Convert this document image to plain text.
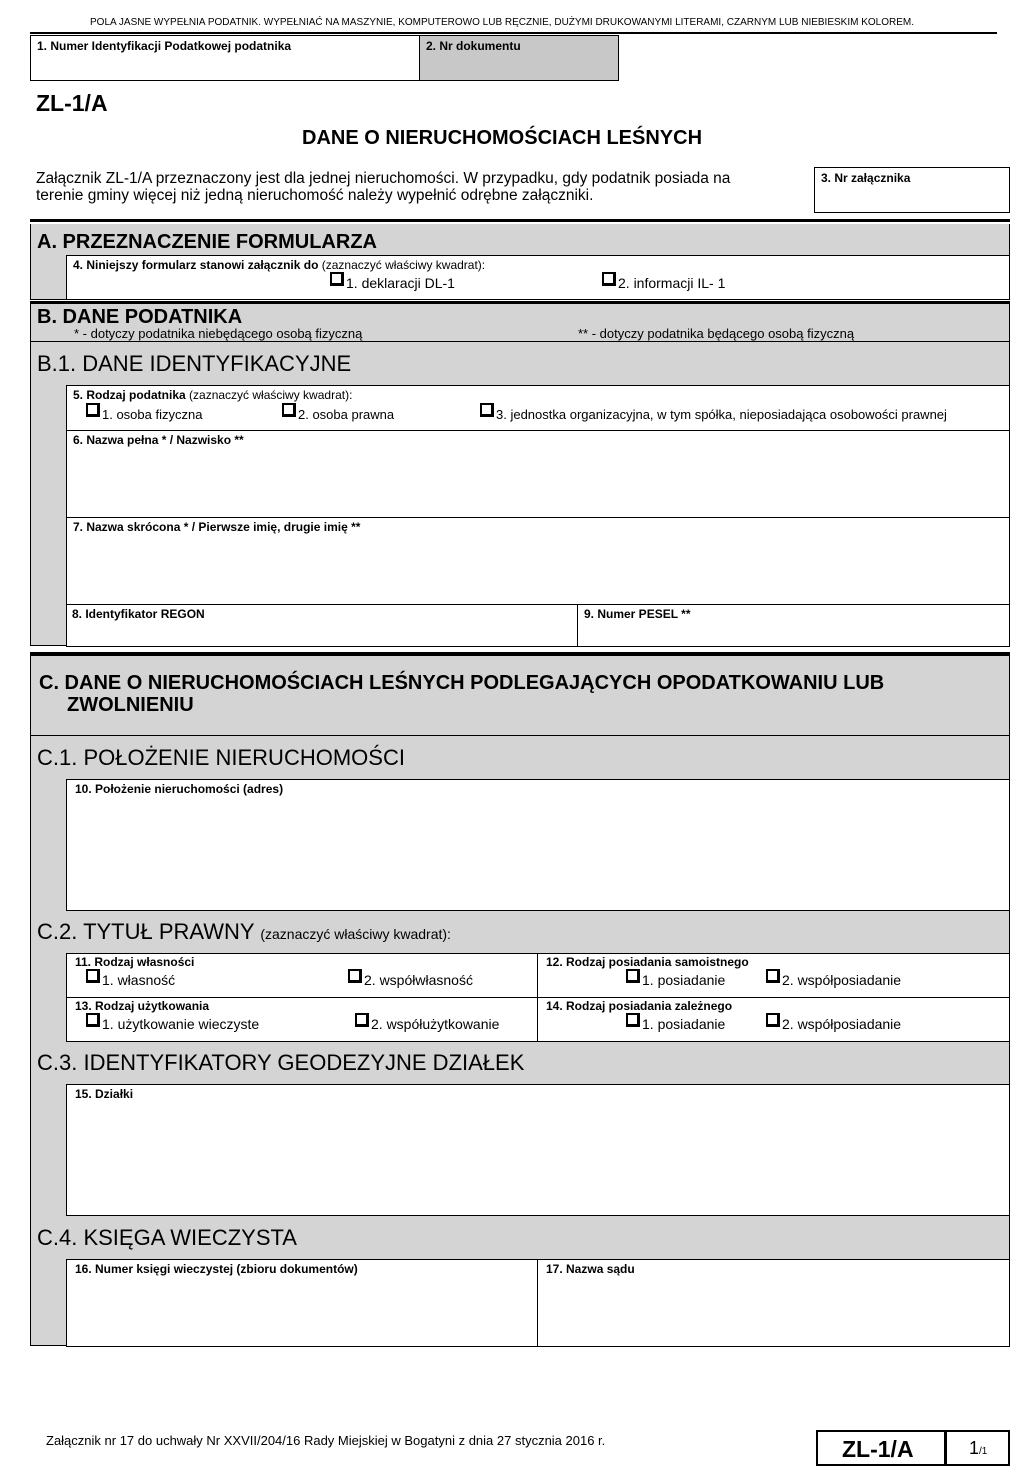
POLA JASNE WYPEŁNIA PODATNIK. WYPEŁNIAĆ NA MASZYNIE, KOMPUTEROWO LUB RĘCZNIE, DUŻYMI DRUKOWANYMI LITERAMI, CZARNYM LUB NIEBIESKIM KOLOREM.
1. Numer Identyfikacji Podatkowej podatnika	2. Nr dokumentu
ZL-1/A
DANE O NIERUCHOMOŚCIACH LEŚNYCH
Załącznik ZL-1/A przeznaczony jest dla jednej nieruchomości. W przypadku, gdy podatnik posiada na
terenie gminy więcej niż jedną nieruchomość należy wypełnić odrębne załączniki.
3. Nr załącznika
A. PRZEZNACZENIE FORMULARZA
4. Niniejszy formularz stanowi załącznik do (zaznaczyć właściwy kwadrat):
1. deklaracji DL-1	2. informacji IL- 1
B. DANE PODATNIKA
* - dotyczy podatnika niebędącego osobą fizyczną	** - dotyczy podatnika będącego osobą fizyczną
B.1. DANE IDENTYFIKACYJNE
5. Rodzaj podatnika (zaznaczyć właściwy kwadrat):
1. osoba fizyczna	2. osoba prawna	3. jednostka organizacyjna, w tym spółka, nieposiadająca osobowości prawnej
6. Nazwa pełna * / Nazwisko **
7. Nazwa skrócona * / Pierwsze imię, drugie imię **
8. Identyfikator REGON	9. Numer PESEL **
C. DANE O NIERUCHOMOŚCIACH LEŚNYCH PODLEGAJĄCYCH OPODATKOWANIU LUB
ZWOLNIENIU
C.1. POŁOŻENIE NIERUCHOMOŚCI
10. Położenie nieruchomości (adres)
C.2. TYTUŁ PRAWNY (zaznaczyć właściwy kwadrat):
11. Rodzaj własności	12. Rodzaj posiadania samoistnego
1. własność	2. współwłasność	1. posiadanie	2. współposiadanie
13. Rodzaj użytkowania	14. Rodzaj posiadania zależnego
1. użytkowanie wieczyste	2. współużytkowanie	1. posiadanie	2. współposiadanie
C.3. IDENTYFIKATORY GEODEZYJNE DZIAŁEK
15. Działki
C.4. KSIĘGA WIECZYSTA
16. Numer księgi wieczystej (zbioru dokumentów)	17. Nazwa sądu
Załącznik nr 17 do uchwały Nr XXVII/204/16 Rady Miejskiej w Bogatyni z dnia 27 stycznia 2016 r.	ZL-1/A	1/1
